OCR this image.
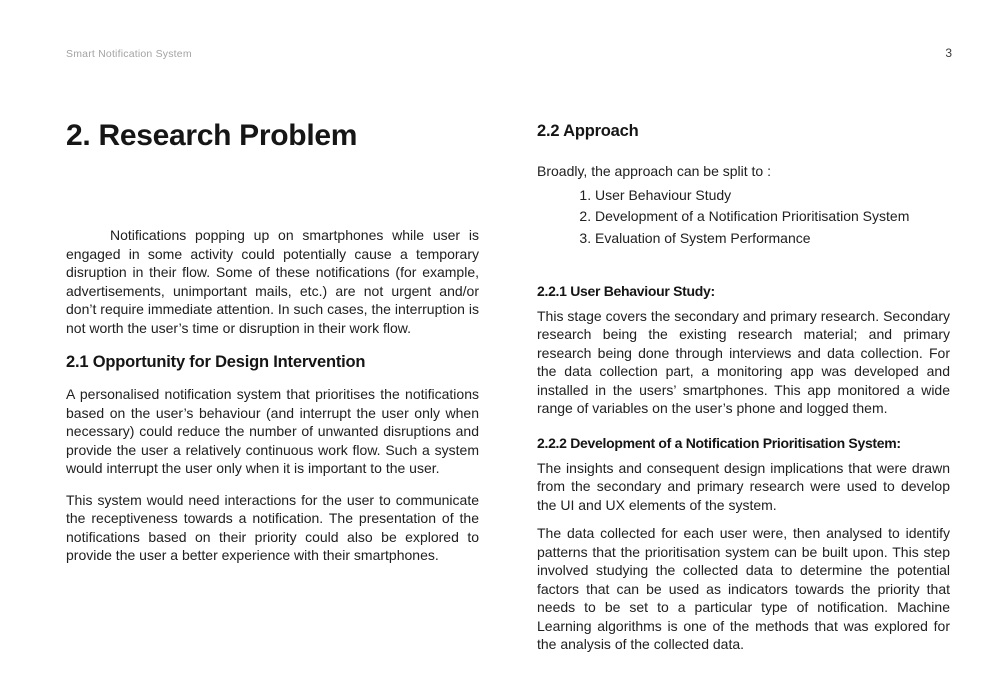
Smart Notification System	3
2. Research Problem

Notifications popping up on smartphones while user is engaged in some activity could potentially cause a temporary disruption in their flow. Some of these notifications (for example, advertisements, unimportant mails, etc.) are not urgent and/or don’t require immediate attention. In such cases, the interruption is not worth the user’s time or disruption in their work flow.

2.1 Opportunity for Design Intervention

A personalised notification system that prioritises the notifications based on the user’s behaviour (and interrupt the user only when necessary) could reduce the number of unwanted disruptions and provide the user a relatively continuous work flow. Such a system would interrupt the user only when it is important to the user.

This system would need interactions for the user to communicate the receptiveness towards a notification. The presentation of the notifications based on their priority could also be explored to provide the user a better experience with their smartphones.

2.2 Approach

Broadly, the approach can be split to :

1. User Behaviour Study
2. Development of a Notification Prioritisation System
3. Evaluation of System Performance
2.2.1 User Behaviour Study:

This stage covers the secondary and primary research. Secondary research being the existing research material; and primary research being done through interviews and data collection. For the data collection part, a monitoring app was developed and installed in the users’ smartphones. This app monitored a wide range of variables on the user’s phone and logged them.

2.2.2 Development of a Notification Prioritisation System:

The insights and consequent design implications that were drawn from the secondary and primary research were used to develop the UI and UX elements of the system.

The data collected for each user were, then analysed to identify patterns that the prioritisation system can be built upon. This step involved studying the collected data to determine the potential factors that can be used as indicators towards the priority that needs to be set to a particular type of notification. Machine Learning algorithms is one of the methods that was explored for the analysis of the collected data.
